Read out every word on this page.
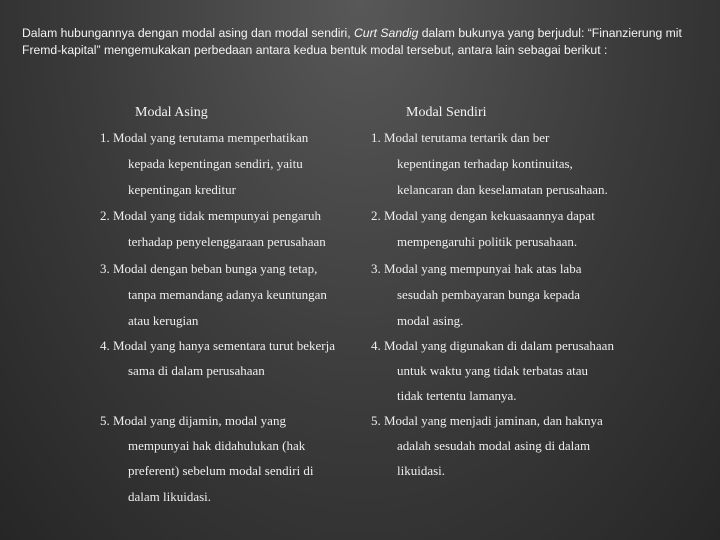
Dalam hubungannya dengan modal asing dan modal sendiri, Curt Sandig dalam bukunya yang berjudul: “Finanzierung mit Fremd-kapital” mengemukakan perbedaan antara kedua bentuk modal tersebut, antara lain sebagai berikut :
Modal Asing	Modal Sendiri
1. Modal yang terutama memperhatikan
kepada kepentingan sendiri, yaitu
kepentingan kreditur
2. Modal yang tidak mempunyai pengaruh
terhadap penyelenggaraan perusahaan
3. Modal dengan beban bunga yang tetap,
tanpa memandang adanya keuntungan
atau kerugian
4. Modal yang hanya sementara turut bekerja
sama di dalam perusahaan
5. Modal yang dijamin, modal yang
mempunyai hak didahulukan (hak
preferent) sebelum modal sendiri di
dalam likuidasi.
1. Modal terutama tertarik dan ber
kepentingan terhadap kontinuitas,
kelancaran dan keselamatan perusahaan.
2. Modal yang dengan kekuasaannya dapat
mempengaruhi politik perusahaan.
3. Modal yang mempunyai hak atas laba
sesudah pembayaran bunga kepada
modal asing.
4. Modal yang digunakan di dalam perusahaan
untuk waktu yang tidak terbatas atau
tidak tertentu lamanya.
5. Modal yang menjadi jaminan, dan haknya
adalah sesudah modal asing di dalam
likuidasi.
